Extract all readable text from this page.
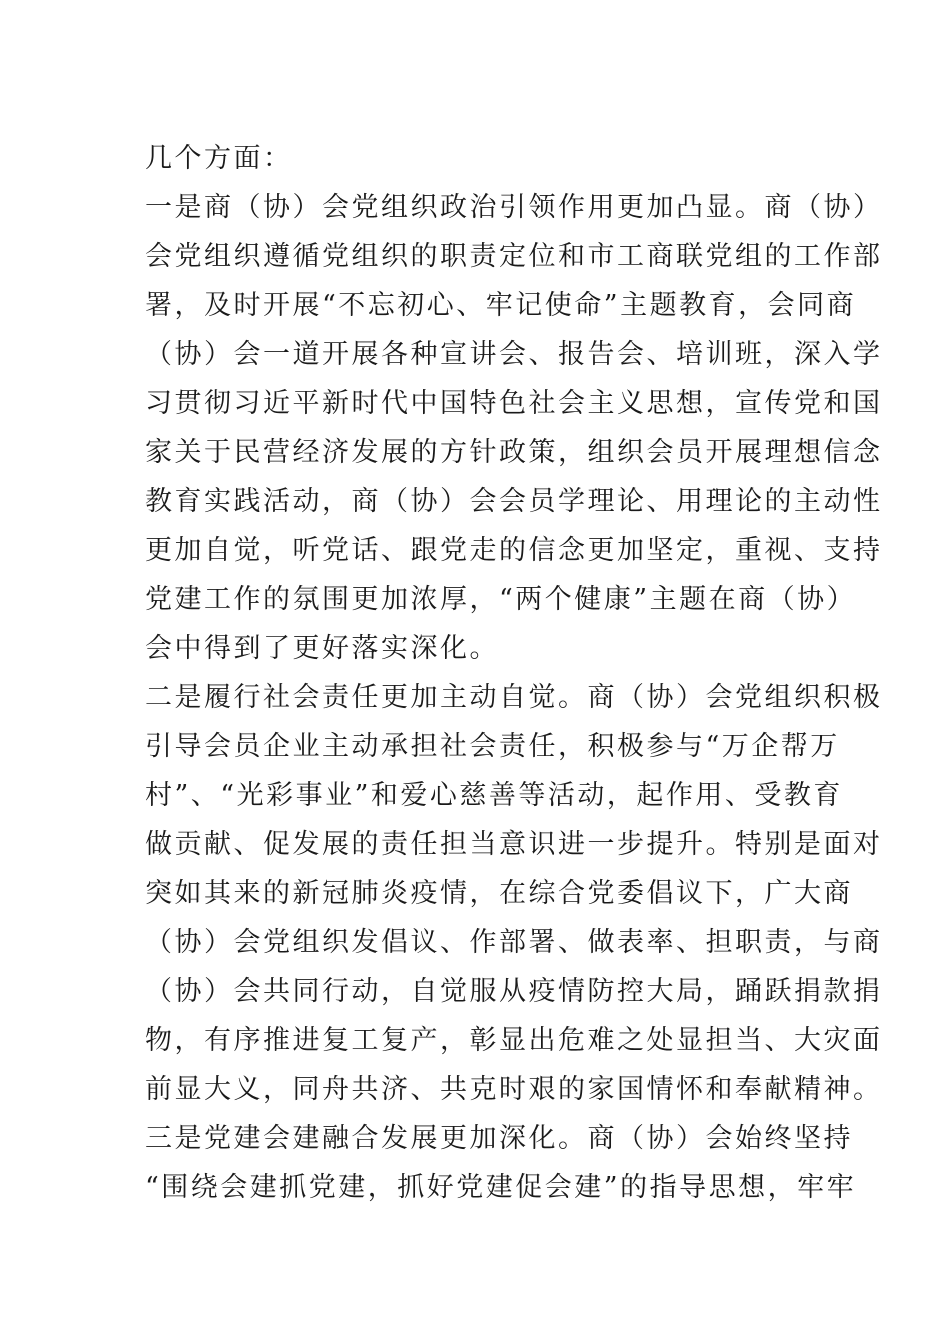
几个方面：
一是商（协）会党组织政治引领作用更加凸显。商（协）
会党组织遵循党组织的职责定位和市工商联党组的工作部
署，及时开展“不忘初心、牢记使命”主题教育，会同商
（协）会一道开展各种宣讲会、报告会、培训班，深入学
习贯彻习近平新时代中国特色社会主义思想，宣传党和国
家关于民营经济发展的方针政策，组织会员开展理想信念
教育实践活动，商（协）会会员学理论、用理论的主动性
更加自觉，听党话、跟党走的信念更加坚定，重视、支持
党建工作的氛围更加浓厚，“两个健康”主题在商（协）
会中得到了更好落实深化。
二是履行社会责任更加主动自觉。商（协）会党组织积极
引导会员企业主动承担社会责任，积极参与“万企帮万
村”、“光彩事业”和爱心慈善等活动，起作用、受教育
做贡献、促发展的责任担当意识进一步提升。特别是面对
突如其来的新冠肺炎疫情，在综合党委倡议下，广大商
（协）会党组织发倡议、作部署、做表率、担职责，与商
（协）会共同行动，自觉服从疫情防控大局，踊跃捐款捐
物，有序推进复工复产，彰显出危难之处显担当、大灾面
前显大义，同舟共济、共克时艰的家国情怀和奉献精神。
三是党建会建融合发展更加深化。商（协）会始终坚持
“围绕会建抓党建，抓好党建促会建”的指导思想，牢牢
